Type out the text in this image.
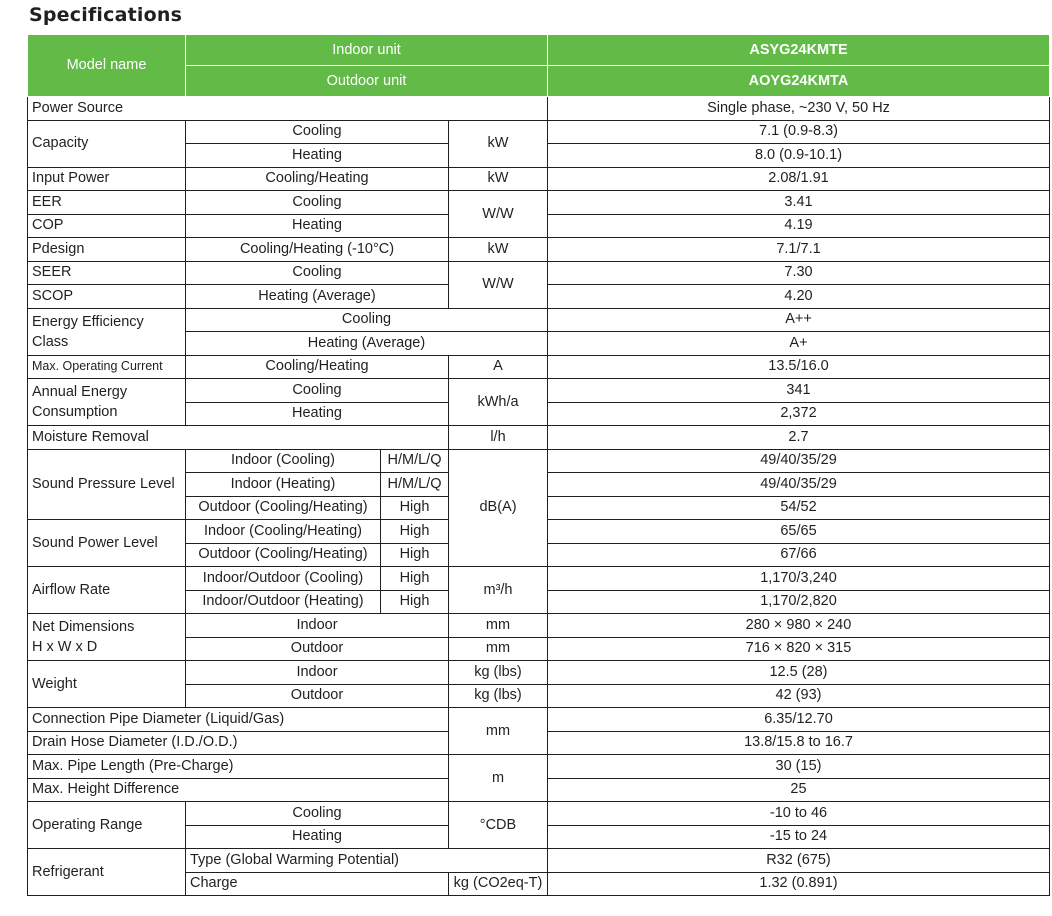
Specifications
Model name	Indoor unit			ASYG24KMTE
	Outdoor unit			AOYG24KMTA
Power Source				Single phase, ~230 V, 50 Hz
Capacity	Cooling		kW	7.1 (0.9-8.3)
	Heating			8.0 (0.9-10.1)
Input Power	Cooling/Heating		kW	2.08/1.91
EER	Cooling		W/W	3.41
COP	Heating			4.19
Pdesign	Cooling/Heating (-10°C)		kW	7.1/7.1
SEER	Cooling		W/W	7.30
SCOP	Heating (Average)			4.20

Energy Efficiency
Class	Cooling			A++
	Heating (Average)			A+
Max. Operating Current	Cooling/Heating		A	13.5/16.0

Annual Energy
Consumption	Cooling		kWh/a	341
	Heating			2,372
Moisture Removal			l/h	2.7
Sound Pressure Level	Indoor (Cooling)	H/M/L/Q	dB(A)	49/40/35/29
	Indoor (Heating)	H/M/L/Q		49/40/35/29
	Outdoor (Cooling/Heating)	High		54/52
Sound Power Level	Indoor (Cooling/Heating)	High		65/65
	Outdoor (Cooling/Heating)	High		67/66
Airflow Rate	Indoor/Outdoor (Cooling)	High	m³/h	1,170/3,240
	Indoor/Outdoor (Heating)	High		1,170/2,820

Net Dimensions
H x W x D	Indoor		mm	280 × 980 × 240
	Outdoor		mm	716 × 820 × 315
Weight	Indoor		kg (lbs)	12.5 (28)
	Outdoor		kg (lbs)	42 (93)
Connection Pipe Diameter (Liquid/Gas)			mm	6.35/12.70
Drain Hose Diameter (I.D./O.D.)				13.8/15.8 to 16.7
Max. Pipe Length (Pre-Charge)			m	30 (15)
Max. Height Difference				25
Operating Range	Cooling		°CDB	-10 to 46
	Heating			-15 to 24
Refrigerant	Type (Global Warming Potential)			R32 (675)
	Charge		kg (CO2eq-T)	1.32 (0.891)
